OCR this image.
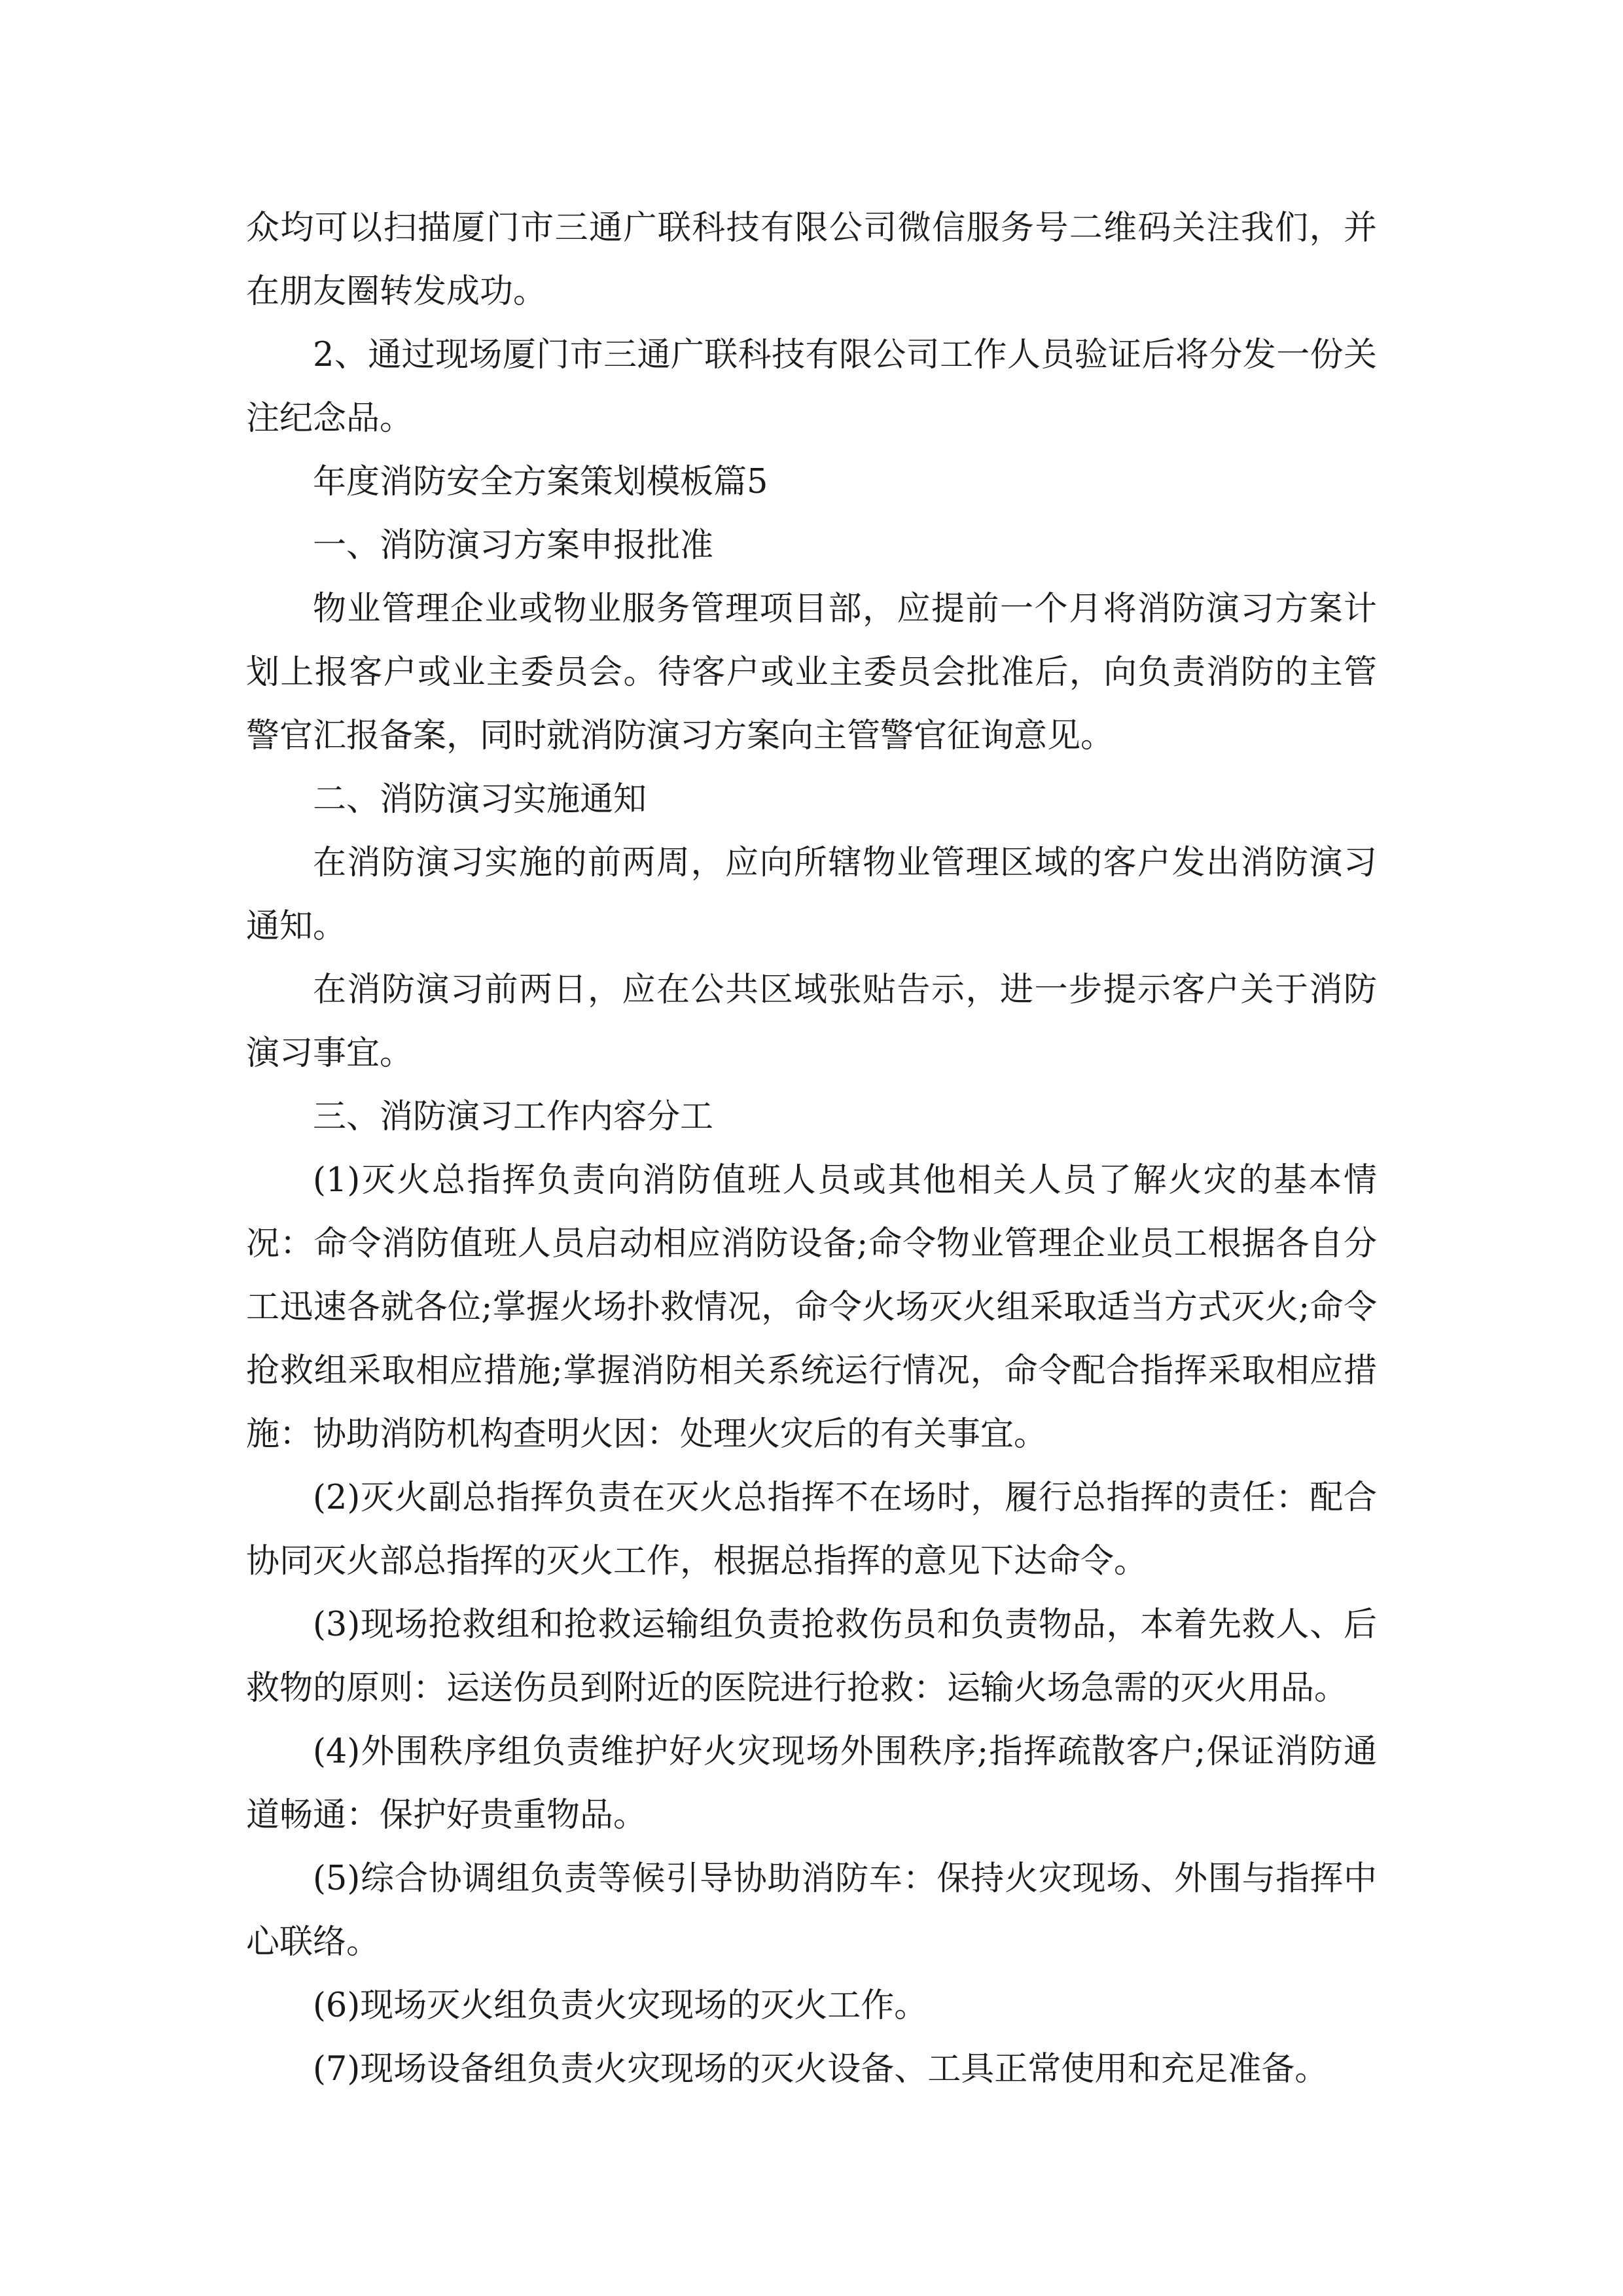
众均可以扫描厦门市三通广联科技有限公司微信服务号二维码关注我们，并在朋友圈转发成功。

2、通过现场厦门市三通广联科技有限公司工作人员验证后将分发一份关注纪念品。

年度消防安全方案策划模板篇5

一、消防演习方案申报批准

物业管理企业或物业服务管理项目部，应提前一个月将消防演习方案计划上报客户或业主委员会。待客户或业主委员会批准后，向负责消防的主管警官汇报备案，同时就消防演习方案向主管警官征询意见。

二、消防演习实施通知

在消防演习实施的前两周，应向所辖物业管理区域的客户发出消防演习通知。

在消防演习前两日，应在公共区域张贴告示，进一步提示客户关于消防演习事宜。

三、消防演习工作内容分工

(1)灭火总指挥负责向消防值班人员或其他相关人员了解火灾的基本情况：命令消防值班人员启动相应消防设备;命令物业管理企业员工根据各自分工迅速各就各位;掌握火场扑救情况，命令火场灭火组采取适当方式灭火;命令抢救组采取相应措施;掌握消防相关系统运行情况，命令配合指挥采取相应措施：协助消防机构查明火因：处理火灾后的有关事宜。

(2)灭火副总指挥负责在灭火总指挥不在场时，履行总指挥的责任：配合协同灭火部总指挥的灭火工作，根据总指挥的意见下达命令。

(3)现场抢救组和抢救运输组负责抢救伤员和负责物品，本着先救人、后救物的原则：运送伤员到附近的医院进行抢救：运输火场急需的灭火用品。

(4)外围秩序组负责维护好火灾现场外围秩序;指挥疏散客户;保证消防通道畅通：保护好贵重物品。

(5)综合协调组负责等候引导协助消防车：保持火灾现场、外围与指挥中心联络。

(6)现场灭火组负责火灾现场的灭火工作。

(7)现场设备组负责火灾现场的灭火设备、工具正常使用和充足准备。
